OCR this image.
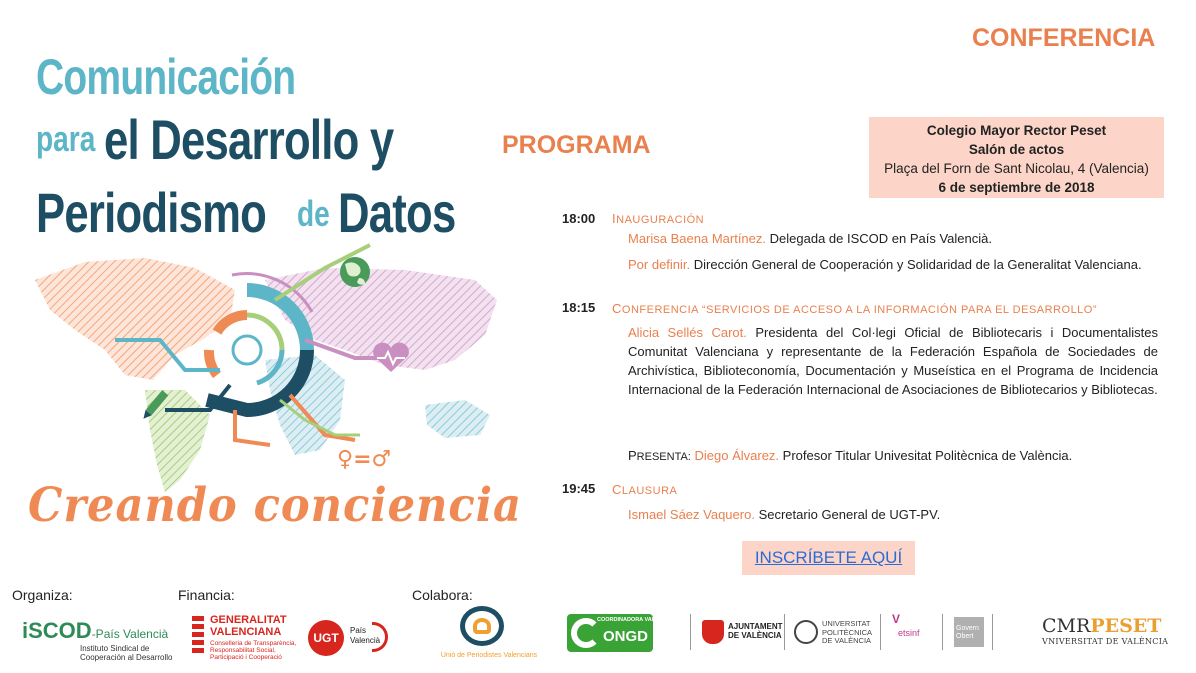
Comunicación
para el Desarrollo y
Periodismo de Datos
♀=♂
Creando conciencia
CONFERENCIA
PROGRAMA
Colegio Mayor Rector Peset
Salón de actos
Plaça del Forn de Sant Nicolau, 4 (Valencia)
6 de septiembre de 2018
18:00 INAUGURACIÓN
Marisa Baena Martínez. Delegada de ISCOD en País Valencià.
Por definir. Dirección General de Cooperación y Solidaridad de la Generalitat Valenciana.
18:15 CONFERENCIA “SERVICIOS DE ACCESO A LA INFORMACIÓN PARA EL DESARROLLO”
Alicia Sellés Carot. Presidenta del Col·legi Oficial de Bibliotecaris i Documentalistes Comunitat Valenciana y representante de la Federación Española de Sociedades de Archivística, Biblioteconomía, Documentación y Museística en el Programa de Incidencia Internacional de la Federación Internacional de Asociaciones de Bibliotecarios y Bibliotecas.
PRESENTA: Diego Álvarez. Profesor Titular Univesitat Politècnica de València.
19:45 CLAUSURA
Ismael Sáez Vaquero. Secretario General de UGT-PV.
INSCRÍBETE AQUÍ
Organiza:	Financia:	Colabora:
iSCOD-País Valencià
Instituto Sindical de
Cooperación al Desarrollo
GENERALITAT
VALENCIANA
Conselleria de Transparència,
Responsabilitat Social,
Participació i Cooperació
UGT
País
Valencià
Unió de Periodistes Valencians
COORDINADORA VALENCIANA
ONGD
AJUNTAMENT
DE VALÈNCIA
UNIVERSITAT
POLITÈCNICA
DE VALÈNCIA
V
etsinf	Govern
Obert	CMRPESET
VNIVERSITAT DE VALÈNCIA
